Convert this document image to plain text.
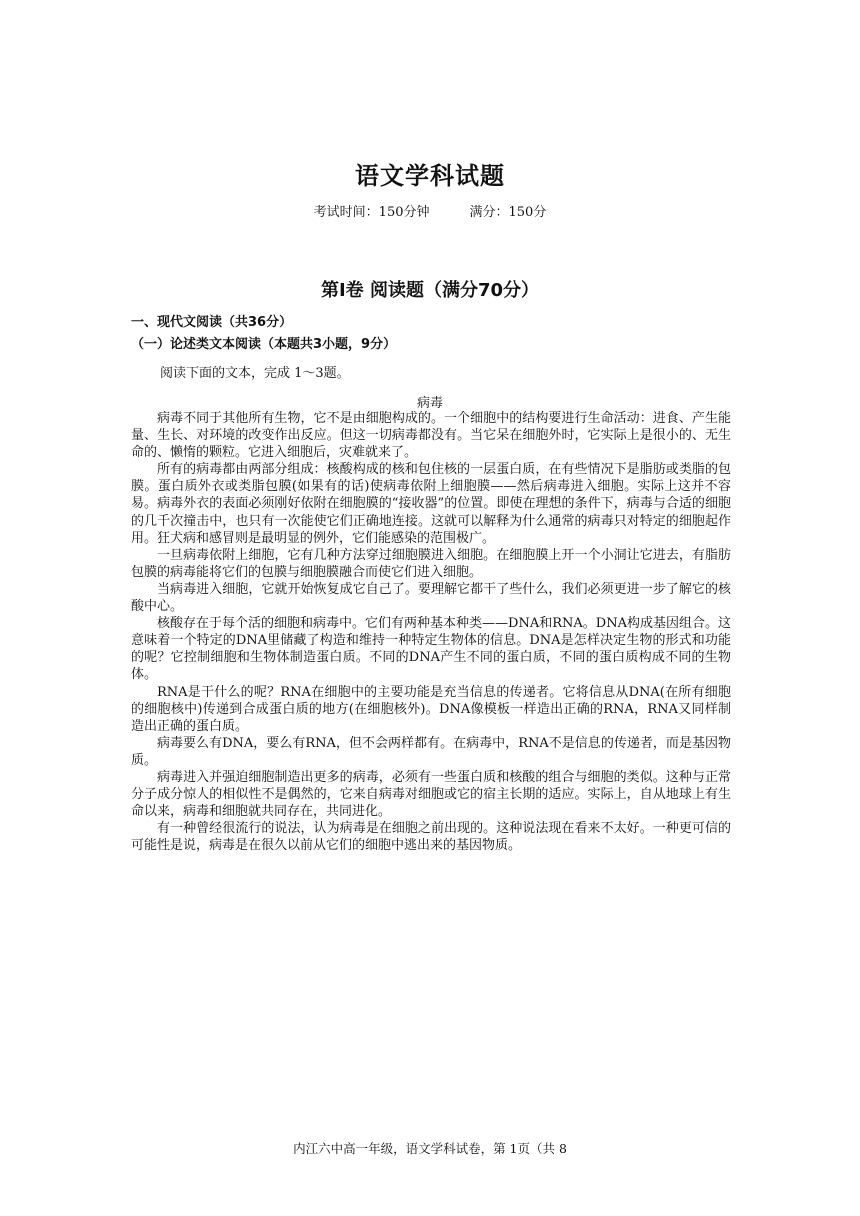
语文学科试题
考试时间：150分钟	满分：150分
第Ⅰ卷 阅读题（满分70分）
一、现代文阅读（共36分）
（一）论述类文本阅读（本题共3小题，9分）
阅读下面的文本，完成 1～3题。
病毒

病毒不同于其他所有生物，它不是由细胞构成的。一个细胞中的结构要进行生命活动：进食、产生能量、生长、对环境的改变作出反应。但这一切病毒都没有。当它呆在细胞外时，它实际上是很小的、无生命的、懒惰的颗粒。它进入细胞后，灾难就来了。

所有的病毒都由两部分组成：核酸构成的核和包住核的一层蛋白质，在有些情况下是脂肪或类脂的包膜。蛋白质外衣或类脂包膜(如果有的话)使病毒依附上细胞膜——然后病毒进入细胞。实际上这并不容易。病毒外衣的表面必须刚好依附在细胞膜的“接收器”的位置。即使在理想的条件下，病毒与合适的细胞的几千次撞击中，也只有一次能使它们正确地连接。这就可以解释为什么通常的病毒只对特定的细胞起作用。狂犬病和感冒则是最明显的例外，它们能感染的范围极广。

一旦病毒依附上细胞，它有几种方法穿过细胞膜进入细胞。在细胞膜上开一个小洞让它进去，有脂肪包膜的病毒能将它们的包膜与细胞膜融合而使它们进入细胞。

当病毒进入细胞，它就开始恢复成它自己了。要理解它都干了些什么，我们必须更进一步了解它的核酸中心。

核酸存在于每个活的细胞和病毒中。它们有两种基本种类——DNA和RNA。DNA构成基因组合。这意味着一个特定的DNA里储藏了构造和维持一种特定生物体的信息。DNA是怎样决定生物的形式和功能的呢？它控制细胞和生物体制造蛋白质。不同的DNA产生不同的蛋白质，不同的蛋白质构成不同的生物体。

RNA是干什么的呢？RNA在细胞中的主要功能是充当信息的传递者。它将信息从DNA(在所有细胞的细胞核中)传递到合成蛋白质的地方(在细胞核外)。DNA像模板一样造出正确的RNA，RNA又同样制造出正确的蛋白质。

病毒要么有DNA，要么有RNA，但不会两样都有。在病毒中，RNA不是信息的传递者，而是基因物质。

病毒进入并强迫细胞制造出更多的病毒，必须有一些蛋白质和核酸的组合与细胞的类似。这种与正常分子成分惊人的相似性不是偶然的，它来自病毒对细胞或它的宿主长期的适应。实际上，自从地球上有生命以来，病毒和细胞就共同存在，共同进化。

有一种曾经很流行的说法，认为病毒是在细胞之前出现的。这种说法现在看来不太好。一种更可信的可能性是说，病毒是在很久以前从它们的细胞中逃出来的基因物质。

内江六中高一年级，语文学科试卷，第 1页（共 8
